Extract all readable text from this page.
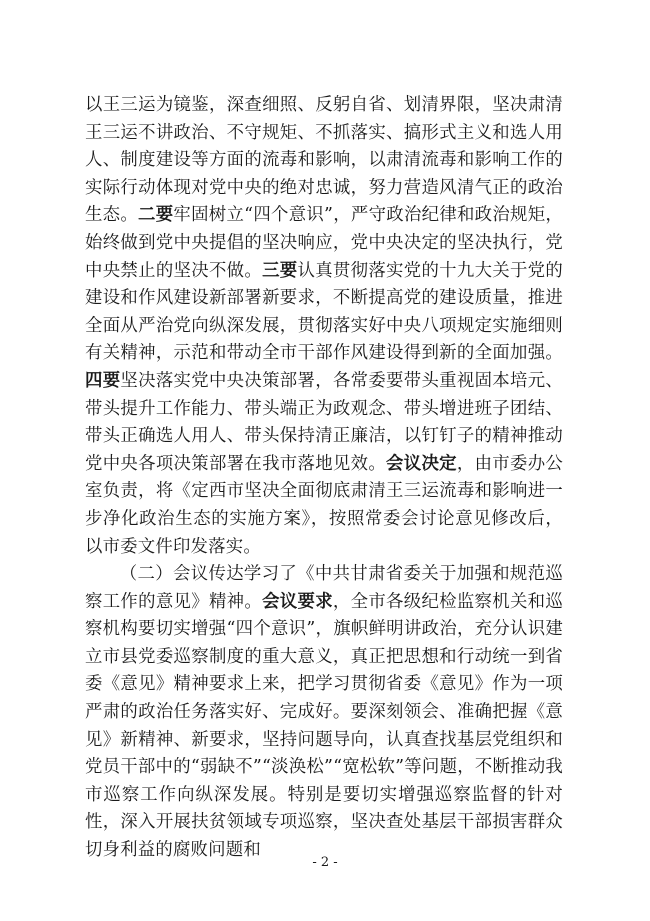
以王三运为镜鉴，深查细照、反躬自省、划清界限，坚决肃清王三运不讲政治、不守规矩、不抓落实、搞形式主义和选人用人、制度建设等方面的流毒和影响，以肃清流毒和影响工作的实际行动体现对党中央的绝对忠诚，努力营造风清气正的政治生态。二要牢固树立“四个意识”，严守政治纪律和政治规矩，始终做到党中央提倡的坚决响应，党中央决定的坚决执行，党中央禁止的坚决不做。三要认真贯彻落实党的十九大关于党的建设和作风建设新部署新要求，不断提高党的建设质量，推进全面从严治党向纵深发展，贯彻落实好中央八项规定实施细则有关精神，示范和带动全市干部作风建设得到新的全面加强。四要坚决落实党中央决策部署，各常委要带头重视固本培元、带头提升工作能力、带头端正为政观念、带头增进班子团结、带头正确选人用人、带头保持清正廉洁，以钉钉子的精神推动党中央各项决策部署在我市落地见效。会议决定，由市委办公室负责，将《定西市坚决全面彻底肃清王三运流毒和影响进一步净化政治生态的实施方案》，按照常委会讨论意见修改后，以市委文件印发落实。

（二）会议传达学习了《中共甘肃省委关于加强和规范巡察工作的意见》精神。会议要求，全市各级纪检监察机关和巡察机构要切实增强“四个意识”，旗帜鲜明讲政治，充分认识建立市县党委巡察制度的重大意义，真正把思想和行动统一到省委《意见》精神要求上来，把学习贯彻省委《意见》作为一项严肃的政治任务落实好、完成好。要深刻领会、准确把握《意见》新精神、新要求，坚持问题导向，认真查找基层党组织和党员干部中的“弱缺不”“淡涣松”“宽松软”等问题，不断推动我市巡察工作向纵深发展。特别是要切实增强巡察监督的针对性，深入开展扶贫领域专项巡察，坚决查处基层干部损害群众切身利益的腐败问题和

- 2 -
